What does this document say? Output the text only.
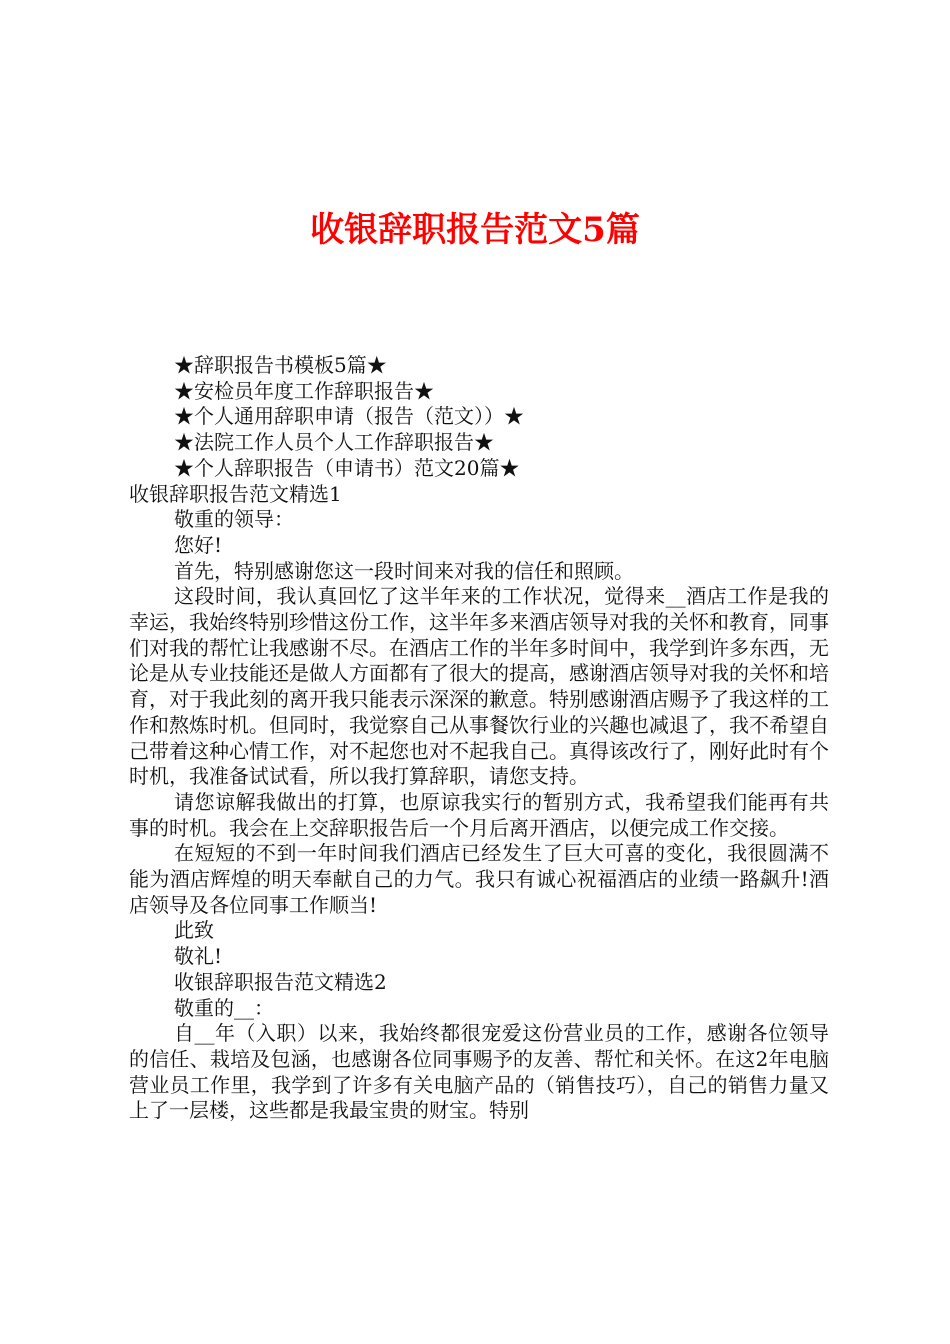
收银辞职报告范文5篇

★辞职报告书模板5篇★

★安检员年度工作辞职报告★

★个人通用辞职申请（报告（范文））★

★法院工作人员个人工作辞职报告★

★个人辞职报告（申请书）范文20篇★

收银辞职报告范文精选1

敬重的领导：

您好!

首先，特别感谢您这一段时间来对我的信任和照顾。

这段时间，我认真回忆了这半年来的工作状况，觉得来__酒店工作是我的幸运，我始终特别珍惜这份工作，这半年多来酒店领导对我的关怀和教育，同事们对我的帮忙让我感谢不尽。在酒店工作的半年多时间中，我学到许多东西，无论是从专业技能还是做人方面都有了很大的提高，感谢酒店领导对我的关怀和培育，对于我此刻的离开我只能表示深深的歉意。特别感谢酒店赐予了我这样的工作和熬炼时机。但同时，我觉察自己从事餐饮行业的兴趣也减退了，我不希望自己带着这种心情工作，对不起您也对不起我自己。真得该改行了，刚好此时有个时机，我准备试试看，所以我打算辞职，请您支持。

请您谅解我做出的打算，也原谅我实行的暂别方式，我希望我们能再有共事的时机。我会在上交辞职报告后一个月后离开酒店，以便完成工作交接。

在短短的不到一年时间我们酒店已经发生了巨大可喜的变化，我很圆满不能为酒店辉煌的明天奉献自己的力气。我只有诚心祝福酒店的业绩一路飙升!酒店领导及各位同事工作顺当!

此致

敬礼!

收银辞职报告范文精选2

敬重的__：

自__年（入职）以来，我始终都很宠爱这份营业员的工作，感谢各位领导的信任、栽培及包涵，也感谢各位同事赐予的友善、帮忙和关怀。在这2年电脑营业员工作里，我学到了许多有关电脑产品的（销售技巧），自己的销售力量又上了一层楼，这些都是我最宝贵的财宝。特别
